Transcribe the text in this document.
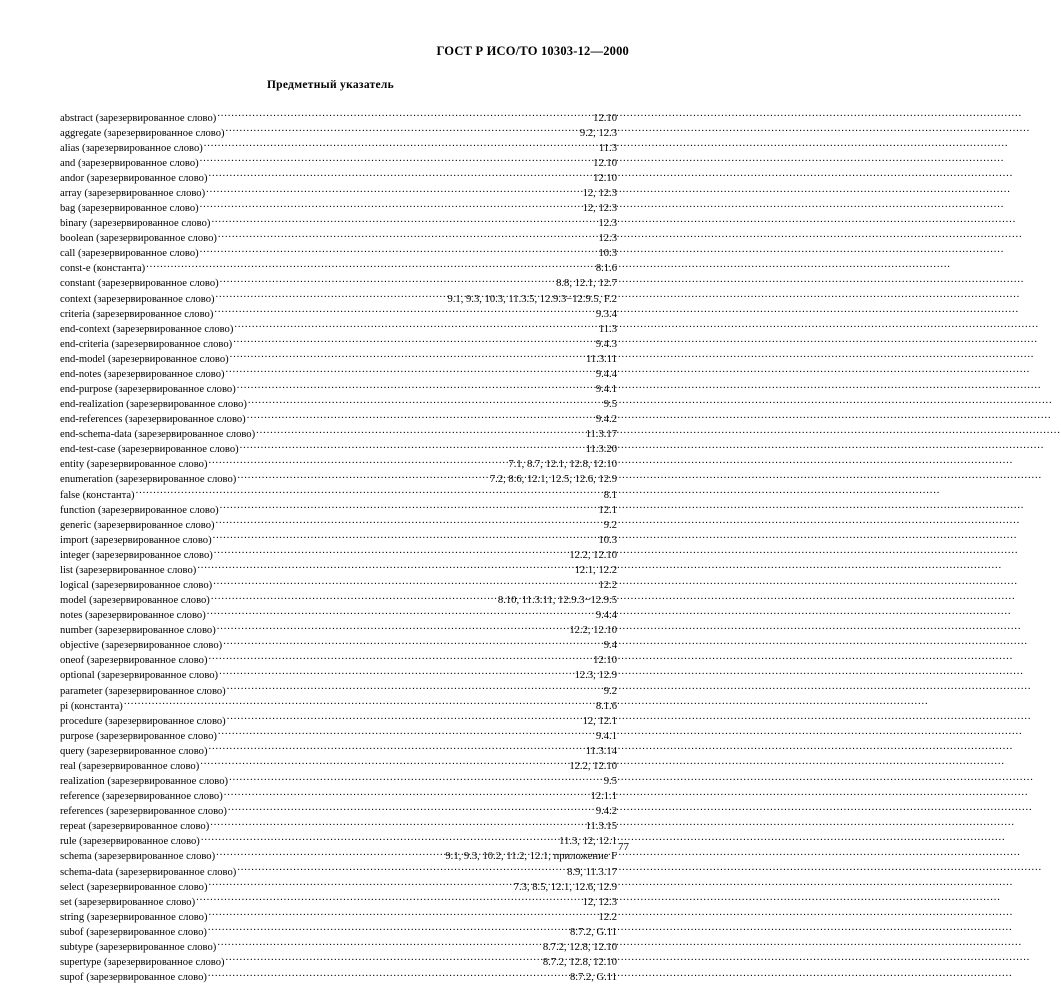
ГОСТ Р ИСО/ТО 10303-12—2000
Предметный указатель
abstract (зарезервированное слово) .....	12.10
aggregate (зарезервированное слово) .....	9.2, 12.3
alias (зарезервированное слово) .....	11.3
and (зарезервированное слово) .....	12.10
andor (зарезервированное слово) .....	12.10
array (зарезервированное слово) .....	12, 12.3
bag (зарезервированное слово) .....	12, 12.3
binary (зарезервированное слово) .....	12.3
boolean (зарезервированное слово) .....	12.3
call (зарезервированное слово) .....	10.3
const-e (константа) .....	8.1.6
constant (зарезервированное слово) .....	8.8, 12.1, 12.7
context (зарезервированное слово) .....	9.1, 9.3, 10.3, 11.3.5, 12.9.3−12.9.5, F.2
criteria (зарезервированное слово) .....	9.3.4
end-context (зарезервированное слово) .....	11.3
end-criteria (зарезервированное слово) .....	9.4.3
end-model (зарезервированное слово) .....	11.3.11
end-notes (зарезервированное слово) .....	9.4.4
end-purpose (зарезервированное слово) .....	9.4.1
end-realization (зарезервированное слово) .....	9.5
end-references (зарезервированное слово) .....	9.4.2
end-schema-data (зарезервированное слово) .....	11.3.17
end-test-case (зарезервированное слово) .....	11.3.20
entity (зарезервированное слово) .....	7.1, 8.7, 12.1, 12.8, 12.10
enumeration (зарезервированное слово) .....	7.2, 8.6, 12.1, 12.5, 12.6, 12.9
false (константа) .....	8.1
function (зарезервированное слово) .....	12.1
generic (зарезервированное слово) .....	9.2
import (зарезервированное слово) .....	10.3
integer (зарезервированное слово) .....	12.2, 12.10
list (зарезервированное слово) .....	12.1, 12.2
logical (зарезервированное слово) .....	12.2
model (зарезервированное слово) .....	8.10, 11.3.11, 12.9.3−12.9.5
notes (зарезервированное слово) .....	9.4.4
number (зарезервированное слово) .....	12.2, 12.10
objective (зарезервированное слово) .....	9.4
oneof (зарезервированное слово) .....	12.10
optional (зарезервированное слово) .....	12.3, 12.9
parameter (зарезервированное слово) .....	9.2
pi (константа) .....	8.1.6
procedure (зарезервированное слово) .....	12, 12.1
purpose (зарезервированное слово) .....	9.4.1
query (зарезервированное слово) .....	11.3.14
real (зарезервированное слово) .....	12.2, 12.10
realization (зарезервированное слово) .....	9.5
reference (зарезервированное слово) .....	12.1.1
references (зарезервированное слово) .....	9.4.2
repeat (зарезервированное слово) .....	11.3.15
rule (зарезервированное слово) .....	11.3, 12, 12.1
schema (зарезервированное слово) .....	9.1, 9.3, 10.2, 11.2, 12.1, приложение F
schema-data (зарезервированное слово) .....	8.9, 11.3.17
select (зарезервированное слово) .....	7.3, 8.5, 12.1, 12.6, 12.9
set (зарезервированное слово) .....	12, 12.3
string (зарезервированное слово) .....	12.2
subof (зарезервированное слово) .....	8.7.2, G.11
subtype (зарезервированное слово) .....	8.7.2, 12.8, 12.10
supertype (зарезервированное слово) .....	8.7.2, 12.8, 12.10
supof (зарезервированное слово) .....	8.7.2, G.11
77
